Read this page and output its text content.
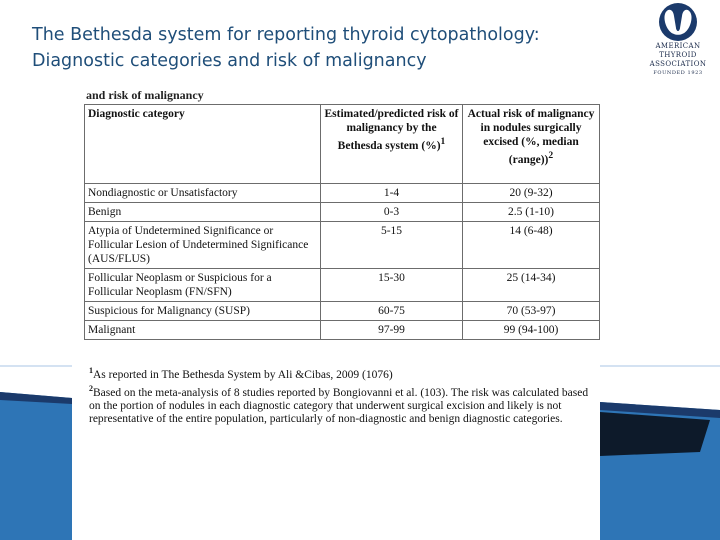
The Bethesda system for reporting thyroid cytopathology:
Diagnostic categories and risk of malignancy
AMERICAN
THYROID
ASSOCIATION
FOUNDED 1923
and risk of malignancy
Diagnostic category	Estimated/predicted risk of malignancy by the Bethesda system (%)$^1$	Actual risk of malignancy in nodules surgically excised (%, median (range))$^2$
Nondiagnostic or Unsatisfactory	1-4	20 (9-32)
Benign	0-3	2.5 (1-10)
Atypia of Undetermined Significance or Follicular Lesion of Undetermined Significance (AUS/FLUS)	5-15	14 (6-48)
Follicular Neoplasm or Suspicious for a Follicular Neoplasm (FN/SFN)	15-30	25 (14-34)
Suspicious for Malignancy (SUSP)	60-75	70 (53-97)
Malignant	97-99	99 (94-100)

$^1$As reported in The Bethesda System by Ali &Cibas, 2009 (1076)

$^2$Based on the meta-analysis of 8 studies reported by Bongiovanni et al. (103). The risk was calculated based on the portion of nodules in each diagnostic category that underwent surgical excision and likely is not representative of the entire population, particularly of non-diagnostic and benign diagnostic categories.
